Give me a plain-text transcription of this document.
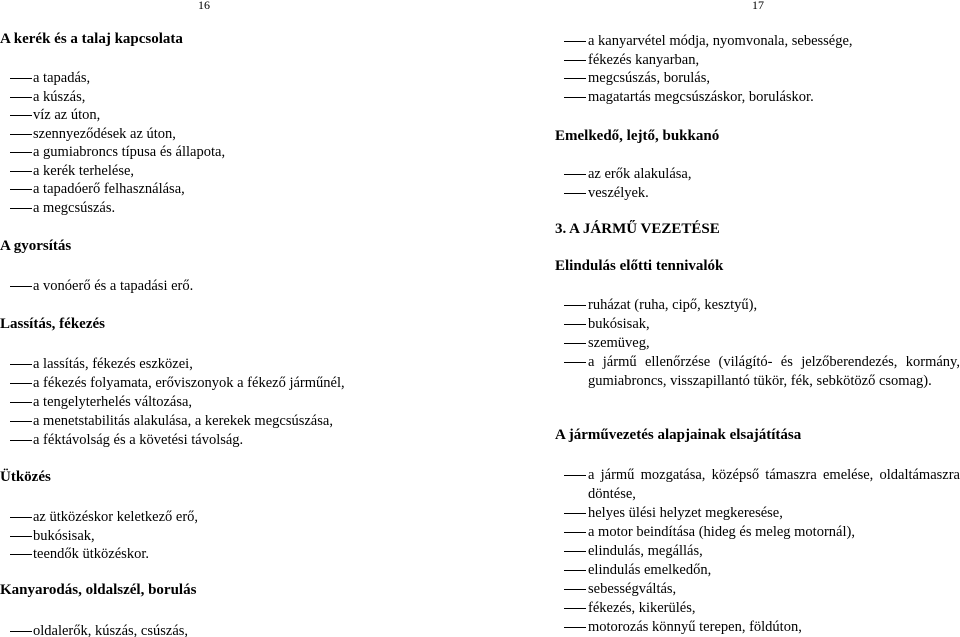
16	17
A kerék és a talaj kapcsolata
a tapadás,
a kúszás,
víz az úton,
szennyeződések az úton,
a gumiabroncs típusa és állapota,
a kerék terhelése,
a tapadóerő felhasználása,
a megcsúszás.
A gyorsítás
a vonóerő és a tapadási erő.
Lassítás, fékezés
a lassítás, fékezés eszközei,
a fékezés folyamata, erőviszonyok a fékező járműnél,
a tengelyterhelés változása,
a menetstabilitás alakulása, a kerekek megcsúszása,
a féktávolság és a követési távolság.
Ütközés
az ütközéskor keletkező erő,
bukósisak,
teendők ütközéskor.
Kanyarodás, oldalszél, borulás
oldalerők, kúszás, csúszás,
a kanyarvétel módja, nyomvonala, sebessége,
fékezés kanyarban,
megcsúszás, borulás,
magatartás megcsúszáskor, boruláskor.
Emelkedő, lejtő, bukkanó
az erők alakulása,
veszélyek.
3. A JÁRMŰ VEZETÉSE
Elindulás előtti tennivalók
ruházat (ruha, cipő, kesztyű),
bukósisak,
szemüveg,
a jármű ellenőrzése (világító- és jelzőberendezés, kormány, gumiabroncs, visszapillantó tükör, fék, sebkötöző csomag).
A járművezetés alapjainak elsajátítása
a jármű mozgatása, középső támaszra emelése, oldaltámaszra döntése,
helyes ülési helyzet megkeresése,
a motor beindítása (hideg és meleg motornál),
elindulás, megállás,
elindulás emelkedőn,
sebességváltás,
fékezés, kikerülés,
motorozás könnyű terepen, földúton,
